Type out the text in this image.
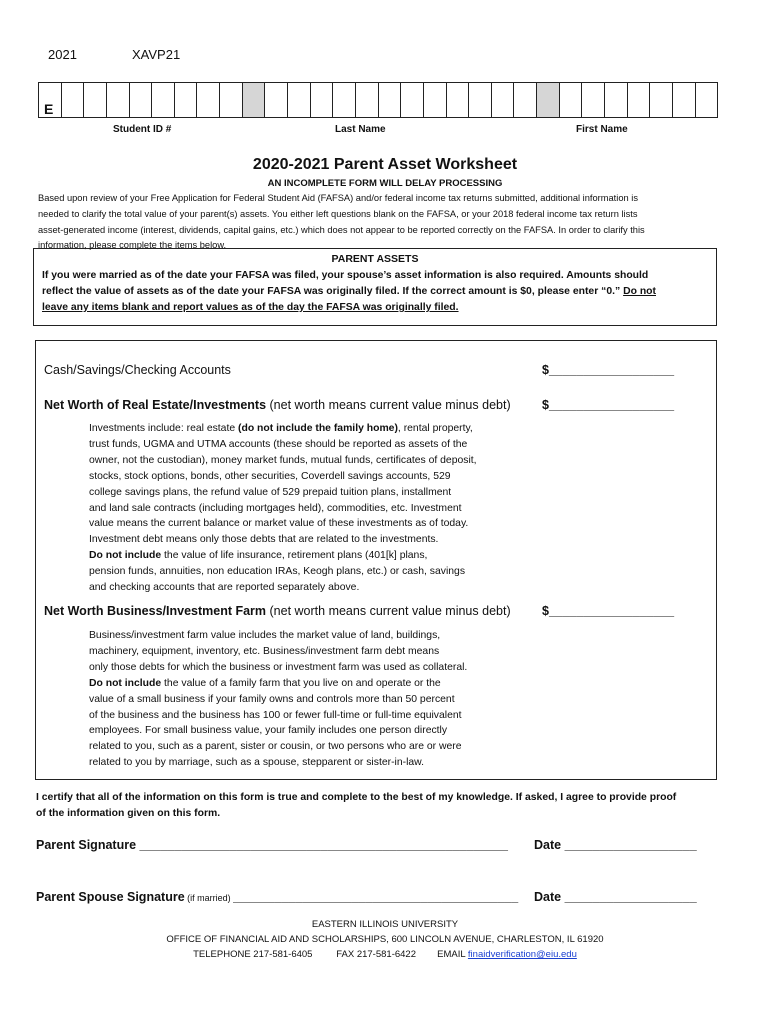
2021	XAVP21
E
Student ID #	Last Name	First Name
2020-2021 Parent Asset Worksheet
AN INCOMPLETE FORM WILL DELAY PROCESSING
Based upon review of your Free Application for Federal Student Aid (FAFSA) and/or federal income tax returns submitted, additional information is
needed to clarify the total value of your parent(s) assets. You either left questions blank on the FAFSA, or your 2018 federal income tax return lists
asset-generated income (interest, dividends, capital gains, etc.) which does not appear to be reported correctly on the FAFSA. In order to clarify this
information, please complete the items below.
PARENT ASSETS
If you were married as of the date your FAFSA was filed, your spouse’s asset information is also required. Amounts should
reflect the value of assets as of the date your FAFSA was originally filed. If the correct amount is $0, please enter “0.” Do not
leave any items blank and report values as of the day the FAFSA was originally filed.
Cash/Savings/Checking Accounts	$__________________
Net Worth of Real Estate/Investments (net worth means current value minus debt)	$__________________
Investments include: real estate (do not include the family home), rental property,
trust funds, UGMA and UTMA accounts (these should be reported as assets of the
owner, not the custodian), money market funds, mutual funds, certificates of deposit,
stocks, stock options, bonds, other securities, Coverdell savings accounts, 529
college savings plans, the refund value of 529 prepaid tuition plans, installment
and land sale contracts (including mortgages held), commodities, etc. Investment
value means the current balance or market value of these investments as of today.
Investment debt means only those debts that are related to the investments.
Do not include the value of life insurance, retirement plans (401[k] plans,
pension funds, annuities, non education IRAs, Keogh plans, etc.) or cash, savings
and checking accounts that are reported separately above.
Net Worth Business/Investment Farm (net worth means current value minus debt)	$__________________
Business/investment farm value includes the market value of land, buildings,
machinery, equipment, inventory, etc. Business/investment farm debt means
only those debts for which the business or investment farm was used as collateral.
Do not include the value of a family farm that you live on and operate or the
value of a small business if your family owns and controls more than 50 percent
of the business and the business has 100 or fewer full-time or full-time equivalent
employees. For small business value, your family includes one person directly
related to you, such as a parent, sister or cousin, or two persons who are or were
related to you by marriage, such as a spouse, stepparent or sister-in-law.
I certify that all of the information on this form is true and complete to the best of my knowledge. If asked, I agree to provide proof
of the information given on this form.
Parent Signature _____________________________________________________ Date ___________________
Parent Spouse Signature (if married) _________________________________________ Date ___________________
EASTERN ILLINOIS UNIVERSITY
OFFICE OF FINANCIAL AID AND SCHOLARSHIPS, 600 LINCOLN AVENUE, CHARLESTON, IL 61920
TELEPHONE 217-581-6405	FAX 217-581-6422 EMAIL finaidverification@eiu.edu
